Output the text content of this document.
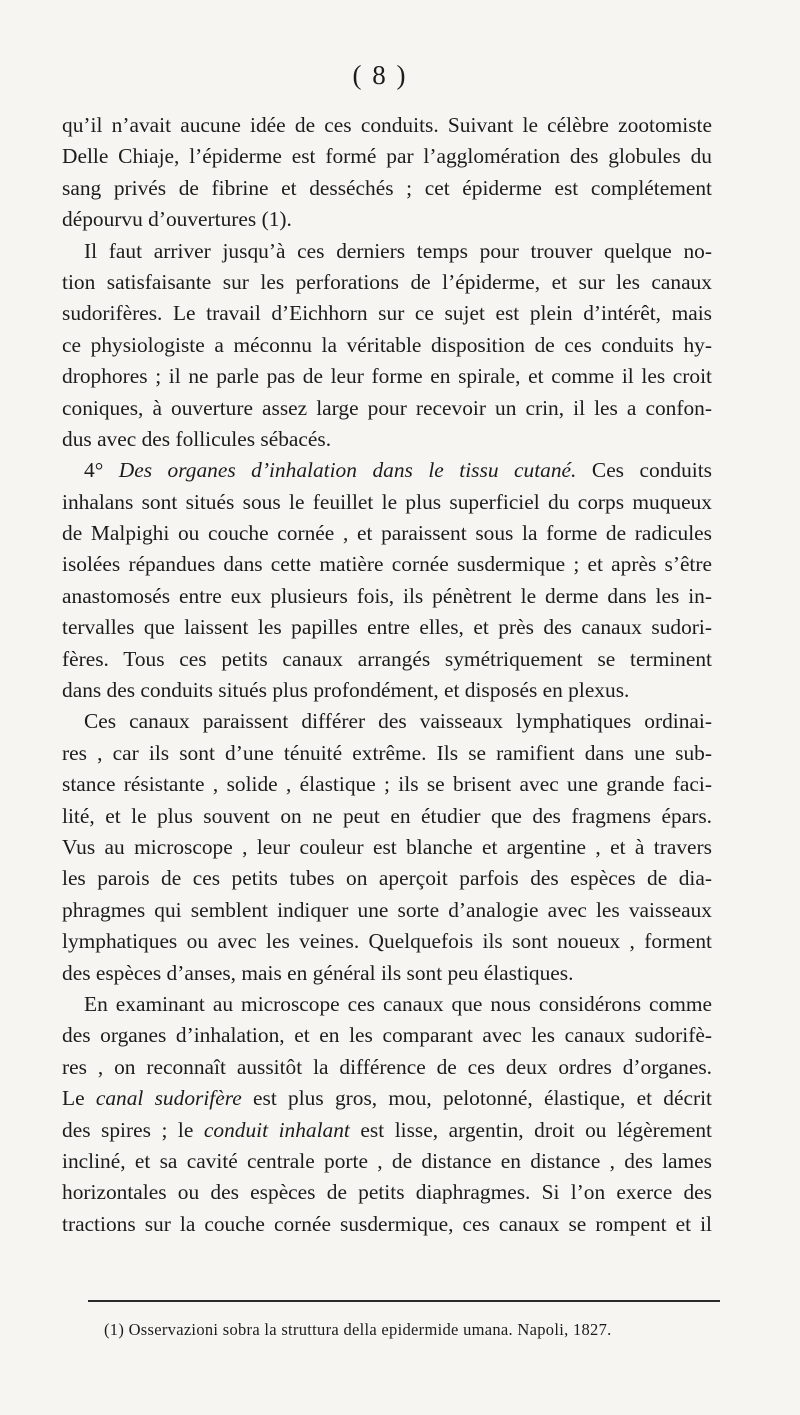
( 8 )
qu’il n’avait aucune idée de ces conduits. Suivant le célèbre zootomiste
Delle Chiaje, l’épiderme est formé par l’agglomération des globules du
sang privés de fibrine et desséchés ; cet épiderme est complétement
dépourvu d’ouvertures (1).
Il faut arriver jusqu’à ces derniers temps pour trouver quelque no-
tion satisfaisante sur les perforations de l’épiderme, et sur les canaux
sudorifères. Le travail d’Eichhorn sur ce sujet est plein d’intérêt, mais
ce physiologiste a méconnu la véritable disposition de ces conduits hy-
drophores ; il ne parle pas de leur forme en spirale, et comme il les croit
coniques, à ouverture assez large pour recevoir un crin, il les a confon-
dus avec des follicules sébacés.
4° Des organes d’inhalation dans le tissu cutané. Ces conduits
inhalans sont situés sous le feuillet le plus superficiel du corps muqueux
de Malpighi ou couche cornée , et paraissent sous la forme de radicules
isolées répandues dans cette matière cornée susdermique ; et après s’être
anastomosés entre eux plusieurs fois, ils pénètrent le derme dans les in-
tervalles que laissent les papilles entre elles, et près des canaux sudori-
fères. Tous ces petits canaux arrangés symétriquement se terminent
dans des conduits situés plus profondément, et disposés en plexus.
Ces canaux paraissent différer des vaisseaux lymphatiques ordinai-
res , car ils sont d’une ténuité extrême. Ils se ramifient dans une sub-
stance résistante , solide , élastique ; ils se brisent avec une grande faci-
lité, et le plus souvent on ne peut en étudier que des fragmens épars.
Vus au microscope , leur couleur est blanche et argentine , et à travers
les parois de ces petits tubes on aperçoit parfois des espèces de dia-
phragmes qui semblent indiquer une sorte d’analogie avec les vaisseaux
lymphatiques ou avec les veines. Quelquefois ils sont noueux , forment
des espèces d’anses, mais en général ils sont peu élastiques.
En examinant au microscope ces canaux que nous considérons comme
des organes d’inhalation, et en les comparant avec les canaux sudorifè-
res , on reconnaît aussitôt la différence de ces deux ordres d’organes.
Le canal sudorifère est plus gros, mou, pelotonné, élastique, et décrit
des spires ; le conduit inhalant est lisse, argentin, droit ou légèrement
incliné, et sa cavité centrale porte , de distance en distance , des lames
horizontales ou des espèces de petits diaphragmes. Si l’on exerce des
tractions sur la couche cornée susdermique, ces canaux se rompent et il
(1) Osservazioni sobra la struttura della epidermide umana. Napoli, 1827.
